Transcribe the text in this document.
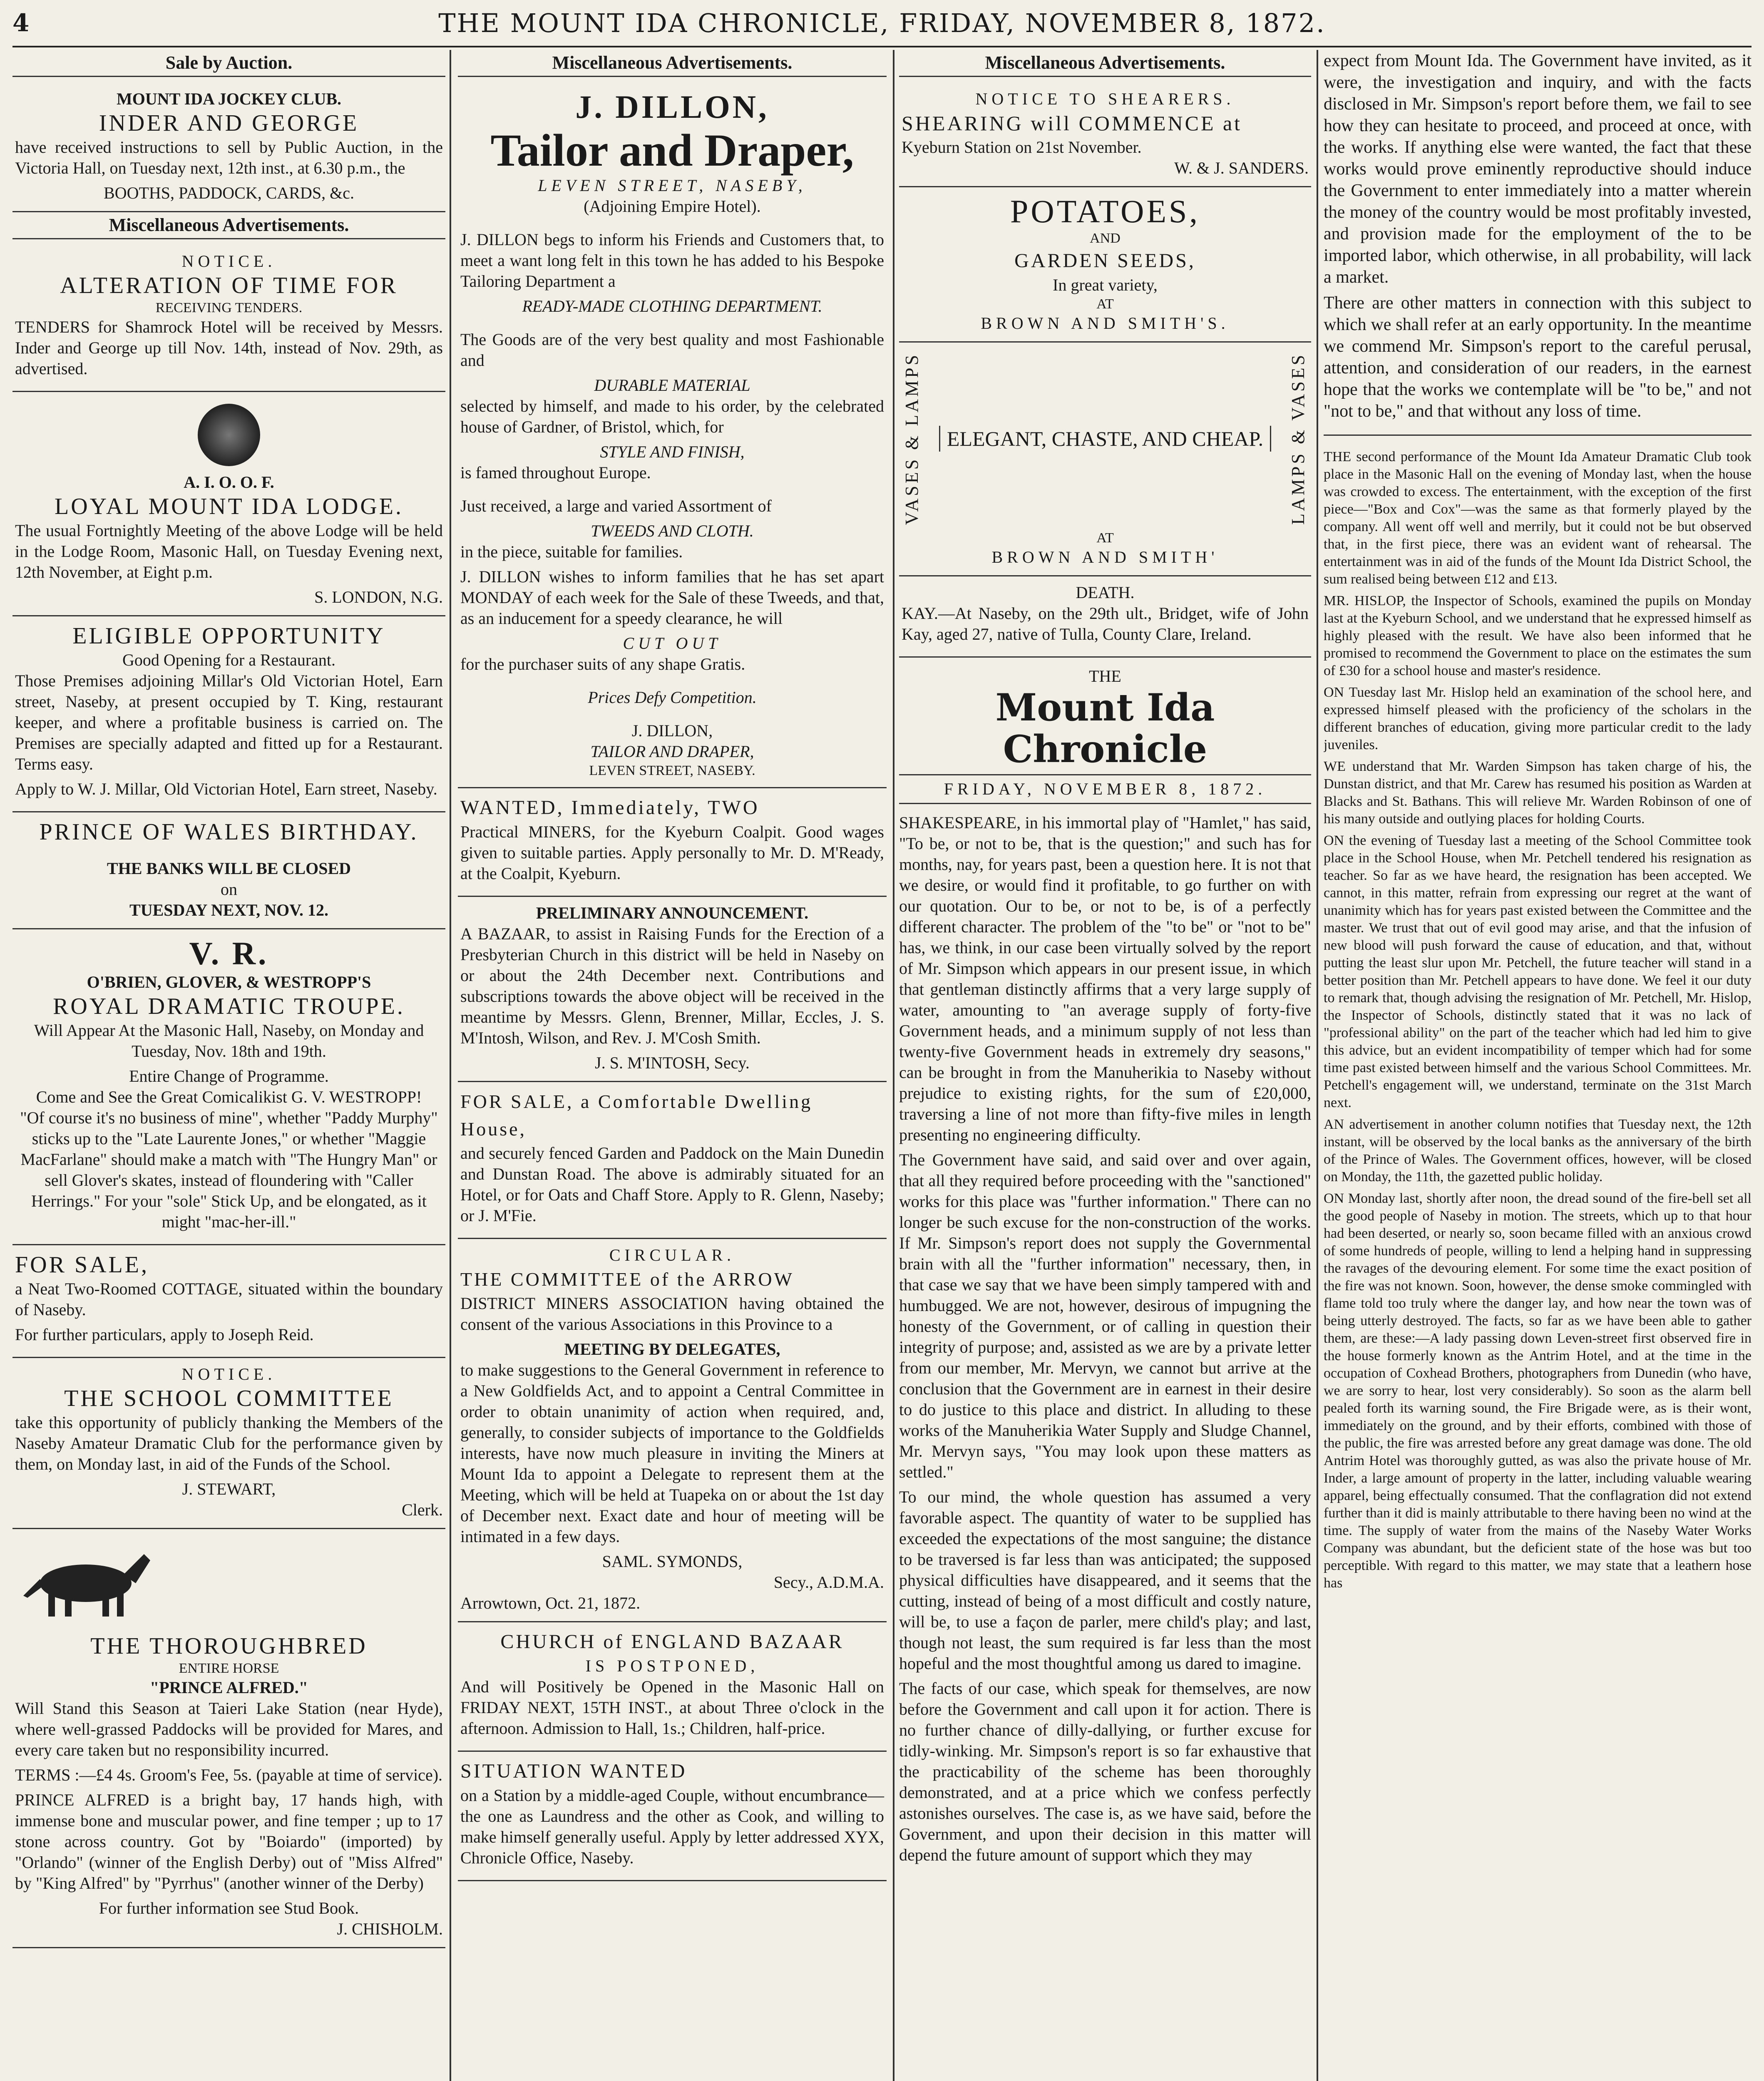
4	THE MOUNT IDA CHRONICLE, FRIDAY, NOVEMBER 8, 1872.
Sale by Auction.
MOUNT IDA JOCKEY CLUB.
INDER AND GEORGE

have received instructions to sell by Public Auction, in the Victoria Hall, on Tuesday next, 12th inst., at 6.30 p.m., the

BOOTHS, PADDOCK, CARDS, &c.
Miscellaneous Advertisements.
NOTICE.
ALTERATION OF TIME FOR
RECEIVING TENDERS.

TENDERS for Shamrock Hotel will be received by Messrs. Inder and George up till Nov. 14th, instead of Nov. 29th, as advertised.

A. I. O. O. F.
LOYAL MOUNT IDA LODGE.

The usual Fortnightly Meeting of the above Lodge will be held in the Lodge Room, Masonic Hall, on Tuesday Evening next, 12th November, at Eight p.m.

S. LONDON, N.G.
ELIGIBLE OPPORTUNITY
Good Opening for a Restaurant.

Those Premises adjoining Millar's Old Victorian Hotel, Earn street, Naseby, at present occupied by T. King, restaurant keeper, and where a profitable business is carried on. The Premises are specially adapted and fitted up for a Restaurant. Terms easy.

Apply to W. J. Millar, Old Victorian Hotel, Earn street, Naseby.

PRINCE OF WALES BIRTHDAY.
THE BANKS WILL BE CLOSED
on
TUESDAY NEXT, NOV. 12.
V. R.
O'BRIEN, GLOVER, & WESTROPP'S
ROYAL DRAMATIC TROUPE.

Will Appear At the Masonic Hall, Naseby, on Monday and Tuesday, Nov. 18th and 19th.

Entire Change of Programme.
Come and See the Great Comicalikist G. V. WESTROPP!

"Of course it's no business of mine", whether "Paddy Murphy" sticks up to the "Late Laurente Jones," or whether "Maggie MacFarlane" should make a match with "The Hungry Man" or sell Glover's skates, instead of floundering with "Caller Herrings." For your "sole" Stick Up, and be elongated, as it might "mac-her-ill."

FOR SALE,

a Neat Two-Roomed COTTAGE, situated within the boundary of Naseby.

For further particulars, apply to Joseph Reid.

NOTICE.
THE SCHOOL COMMITTEE

take this opportunity of publicly thanking the Members of the Naseby Amateur Dramatic Club for the performance given by them, on Monday last, in aid of the Funds of the School.

J. STEWART,
Clerk.
THE THOROUGHBRED
ENTIRE HORSE
"PRINCE ALFRED."

Will Stand this Season at Taieri Lake Station (near Hyde), where well-grassed Paddocks will be provided for Mares, and every care taken but no responsibility incurred.

TERMS :—£4 4s. Groom's Fee, 5s. (payable at time of service).

PRINCE ALFRED is a bright bay, 17 hands high, with immense bone and muscular power, and fine temper ; up to 17 stone across country. Got by "Boiardo" (imported) by "Orlando" (winner of the English Derby) out of "Miss Alfred" by "King Alfred" by "Pyrrhus" (another winner of the Derby)

For further information see Stud Book.
J. CHISHOLM.
Miscellaneous Advertisements.
J. DILLON,
Tailor and Draper,
LEVEN STREET, NASEBY,
(Adjoining Empire Hotel).

J. DILLON begs to inform his Friends and Customers that, to meet a want long felt in this town he has added to his Bespoke Tailoring Department a

READY-MADE CLOTHING DEPARTMENT.

The Goods are of the very best quality and most Fashionable and

DURABLE MATERIAL

selected by himself, and made to his order, by the celebrated house of Gardner, of Bristol, which, for

STYLE AND FINISH,

is famed throughout Europe.

Just received, a large and varied Assortment of

TWEEDS AND CLOTH.

in the piece, suitable for families.

J. DILLON wishes to inform families that he has set apart MONDAY of each week for the Sale of these Tweeds, and that, as an inducement for a speedy clearance, he will

CUT OUT

for the purchaser suits of any shape Gratis.

Prices Defy Competition.
J. DILLON,
TAILOR AND DRAPER,
LEVEN STREET, NASEBY.
WANTED, Immediately, TWO

Practical MINERS, for the Kyeburn Coalpit. Good wages given to suitable parties. Apply personally to Mr. D. M'Ready, at the Coalpit, Kyeburn.

PRELIMINARY ANNOUNCEMENT.

A BAZAAR, to assist in Raising Funds for the Erection of a Presbyterian Church in this district will be held in Naseby on or about the 24th December next. Contributions and subscriptions towards the above object will be received in the meantime by Messrs. Glenn, Brenner, Millar, Eccles, J. S. M'Intosh, Wilson, and Rev. J. M'Cosh Smith.

J. S. M'INTOSH, Secy.
FOR SALE, a Comfortable Dwelling House,

and securely fenced Garden and Paddock on the Main Dunedin and Dunstan Road. The above is admirably situated for an Hotel, or for Oats and Chaff Store. Apply to R. Glenn, Naseby; or J. M'Fie.

CIRCULAR.
THE COMMITTEE of the ARROW

DISTRICT MINERS ASSOCIATION having obtained the consent of the various Associations in this Province to a

MEETING BY DELEGATES,

to make suggestions to the General Government in reference to a New Goldfields Act, and to appoint a Central Committee in order to obtain unanimity of action when required, and, generally, to consider subjects of importance to the Goldfields interests, have now much pleasure in inviting the Miners at Mount Ida to appoint a Delegate to represent them at the Meeting, which will be held at Tuapeka on or about the 1st day of December next. Exact date and hour of meeting will be intimated in a few days.

SAML. SYMONDS,
Secy., A.D.M.A.
Arrowtown, Oct. 21, 1872.
CHURCH of ENGLAND BAZAAR
IS POSTPONED,

And will Positively be Opened in the Masonic Hall on FRIDAY NEXT, 15TH INST., at about Three o'clock in the afternoon. Admission to Hall, 1s.; Children, half-price.

SITUATION WANTED

on a Station by a middle-aged Couple, without encumbrance—the one as Laundress and the other as Cook, and willing to make himself generally useful. Apply by letter addressed XYX, Chronicle Office, Naseby.

Miscellaneous Advertisements.
NOTICE TO SHEARERS.
SHEARING will COMMENCE at
Kyeburn Station on 21st November.
W. & J. SANDERS.
POTATOES,
AND
GARDEN SEEDS,
In great variety,
AT
BROWN AND SMITH'S.
VASES & LAMPS	ELEGANT, CHASTE, AND CHEAP.	LAMPS & VASES
AT
BROWN AND SMITH'
DEATH.

KAY.—At Naseby, on the 29th ult., Bridget, wife of John Kay, aged 27, native of Tulla, County Clare, Ireland.

THE
Mount Ida Chronicle
FRIDAY, NOVEMBER 8, 1872.

SHAKESPEARE, in his immortal play of "Hamlet," has said, "To be, or not to be, that is the question;" and such has for months, nay, for years past, been a question here. It is not that we desire, or would find it profitable, to go further on with our quotation. Our to be, or not to be, is of a perfectly different character. The problem of the "to be" or "not to be" has, we think, in our case been virtually solved by the report of Mr. Simpson which appears in our present issue, in which that gentleman distinctly affirms that a very large supply of water, amounting to "an average supply of forty-five Government heads, and a minimum supply of not less than twenty-five Government heads in extremely dry seasons," can be brought in from the Manuherikia to Naseby without prejudice to existing rights, for the sum of £20,000, traversing a line of not more than fifty-five miles in length presenting no engineering difficulty.

The Government have said, and said over and over again, that all they required before proceeding with the "sanctioned" works for this place was "further information." There can no longer be such excuse for the non-construction of the works. If Mr. Simpson's report does not supply the Governmental brain with all the "further information" necessary, then, in that case we say that we have been simply tampered with and humbugged. We are not, however, desirous of impugning the honesty of the Government, or of calling in question their integrity of purpose; and, assisted as we are by a private letter from our member, Mr. Mervyn, we cannot but arrive at the conclusion that the Government are in earnest in their desire to do justice to this place and district. In alluding to these works of the Manuherikia Water Supply and Sludge Channel, Mr. Mervyn says, "You may look upon these matters as settled."

To our mind, the whole question has assumed a very favorable aspect. The quantity of water to be supplied has exceeded the expectations of the most sanguine; the distance to be traversed is far less than was anticipated; the supposed physical difficulties have disappeared, and it seems that the cutting, instead of being of a most difficult and costly nature, will be, to use a façon de parler, mere child's play; and last, though not least, the sum required is far less than the most hopeful and the most thoughtful among us dared to imagine.

The facts of our case, which speak for themselves, are now before the Government and call upon it for action. There is no further chance of dilly-dallying, or further excuse for tidly-winking. Mr. Simpson's report is so far exhaustive that the practicability of the scheme has been thoroughly demonstrated, and at a price which we confess perfectly astonishes ourselves. The case is, as we have said, before the Government, and upon their decision in this matter will depend the future amount of support which they may

expect from Mount Ida. The Government have invited, as it were, the investigation and inquiry, and with the facts disclosed in Mr. Simpson's report before them, we fail to see how they can hesitate to proceed, and proceed at once, with the works. If anything else were wanted, the fact that these works would prove eminently reproductive should induce the Government to enter immediately into a matter wherein the money of the country would be most profitably invested, and provision made for the employment of the to be imported labor, which otherwise, in all probability, will lack a market.

There are other matters in connection with this subject to which we shall refer at an early opportunity. In the meantime we commend Mr. Simpson's report to the careful perusal, attention, and consideration of our readers, in the earnest hope that the works we contemplate will be "to be," and not "not to be," and that without any loss of time.

THE second performance of the Mount Ida Amateur Dramatic Club took place in the Masonic Hall on the evening of Monday last, when the house was crowded to excess. The entertainment, with the exception of the first piece—"Box and Cox"—was the same as that formerly played by the company. All went off well and merrily, but it could not be but observed that, in the first piece, there was an evident want of rehearsal. The entertainment was in aid of the funds of the Mount Ida District School, the sum realised being between £12 and £13.

MR. HISLOP, the Inspector of Schools, examined the pupils on Monday last at the Kyeburn School, and we understand that he expressed himself as highly pleased with the result. We have also been informed that he promised to recommend the Government to place on the estimates the sum of £30 for a school house and master's residence.

ON Tuesday last Mr. Hislop held an examination of the school here, and expressed himself pleased with the proficiency of the scholars in the different branches of education, giving more particular credit to the lady juveniles.

WE understand that Mr. Warden Simpson has taken charge of his, the Dunstan district, and that Mr. Carew has resumed his position as Warden at Blacks and St. Bathans. This will relieve Mr. Warden Robinson of one of his many outside and outlying places for holding Courts.

ON the evening of Tuesday last a meeting of the School Committee took place in the School House, when Mr. Petchell tendered his resignation as teacher. So far as we have heard, the resignation has been accepted. We cannot, in this matter, refrain from expressing our regret at the want of unanimity which has for years past existed between the Committee and the master. We trust that out of evil good may arise, and that the infusion of new blood will push forward the cause of education, and that, without putting the least slur upon Mr. Petchell, the future teacher will stand in a better position than Mr. Petchell appears to have done. We feel it our duty to remark that, though advising the resignation of Mr. Petchell, Mr. Hislop, the Inspector of Schools, distinctly stated that it was no lack of "professional ability" on the part of the teacher which had led him to give this advice, but an evident incompatibility of temper which had for some time past existed between himself and the various School Committees. Mr. Petchell's engagement will, we understand, terminate on the 31st March next.

AN advertisement in another column notifies that Tuesday next, the 12th instant, will be observed by the local banks as the anniversary of the birth of the Prince of Wales. The Government offices, however, will be closed on Monday, the 11th, the gazetted public holiday.

ON Monday last, shortly after noon, the dread sound of the fire-bell set all the good people of Naseby in motion. The streets, which up to that hour had been deserted, or nearly so, soon became filled with an anxious crowd of some hundreds of people, willing to lend a helping hand in suppressing the ravages of the devouring element. For some time the exact position of the fire was not known. Soon, however, the dense smoke commingled with flame told too truly where the danger lay, and how near the town was of being utterly destroyed. The facts, so far as we have been able to gather them, are these:—A lady passing down Leven-street first observed fire in the house formerly known as the Antrim Hotel, and at the time in the occupation of Coxhead Brothers, photographers from Dunedin (who have, we are sorry to hear, lost very considerably). So soon as the alarm bell pealed forth its warning sound, the Fire Brigade were, as is their wont, immediately on the ground, and by their efforts, combined with those of the public, the fire was arrested before any great damage was done. The old Antrim Hotel was thoroughly gutted, as was also the private house of Mr. Inder, a large amount of property in the latter, including valuable wearing apparel, being effectually consumed. That the conflagration did not extend further than it did is mainly attributable to there having been no wind at the time. The supply of water from the mains of the Naseby Water Works Company was abundant, but the deficient state of the hose was but too perceptible. With regard to this matter, we may state that a leathern hose has
